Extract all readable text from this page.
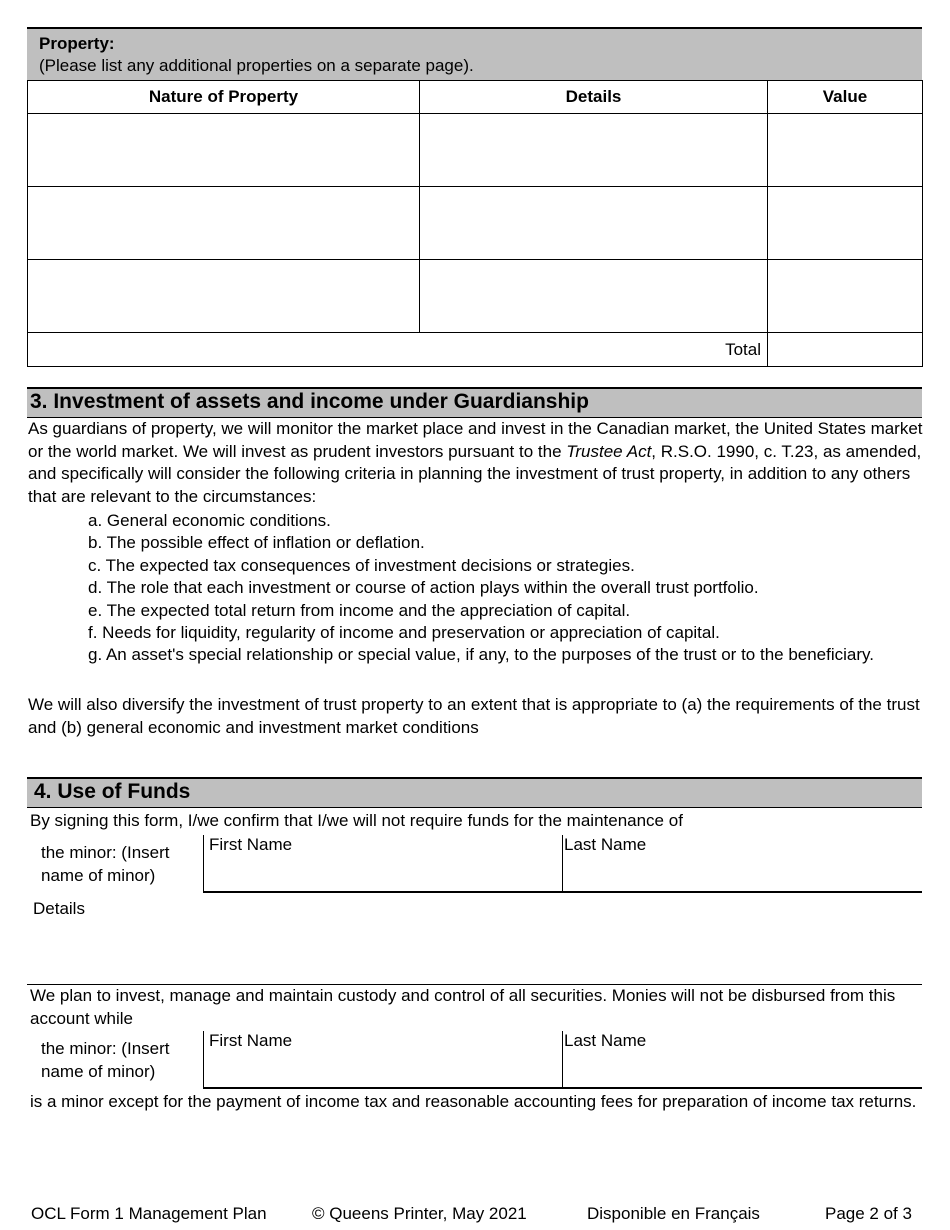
Property:
(Please list any additional properties on a separate page).
Nature of Property	Details	Value

Total		
3. Investment of assets and income under Guardianship
As guardians of property, we will monitor the market place and invest in the Canadian market, the United States market or the world market. We will invest as prudent investors pursuant to the Trustee Act, R.S.O. 1990, c. T.23, as amended, and specifically will consider the following criteria in planning the investment of trust property, in addition to any others that are relevant to the circumstances:
a. General economic conditions.
b. The possible effect of inflation or deflation.
c. The expected tax consequences of investment decisions or strategies.
d. The role that each investment or course of action plays within the overall trust portfolio.
e. The expected total return from income and the appreciation of capital.
f. Needs for liquidity, regularity of income and preservation or appreciation of capital.
g. An asset's special relationship or special value, if any, to the purposes of the trust or to the beneficiary.
We will also diversify the investment of trust property to an extent that is appropriate to (a) the requirements of the trust and (b) general economic and investment market conditions
4. Use of Funds
By signing this form, I/we confirm that I/we will not require funds for the maintenance of
the minor: (Insert name of minor)
First Name	Last Name
Details
We plan to invest, manage and maintain custody and control of all securities. Monies will not be disbursed from this account while
the minor: (Insert name of minor)
First Name	Last Name
is a minor except for the payment of income tax and reasonable accounting fees for preparation of income tax returns.
OCL Form 1 Management Plan	© Queens Printer, May 2021	Disponible en Français	Page 2 of 3
